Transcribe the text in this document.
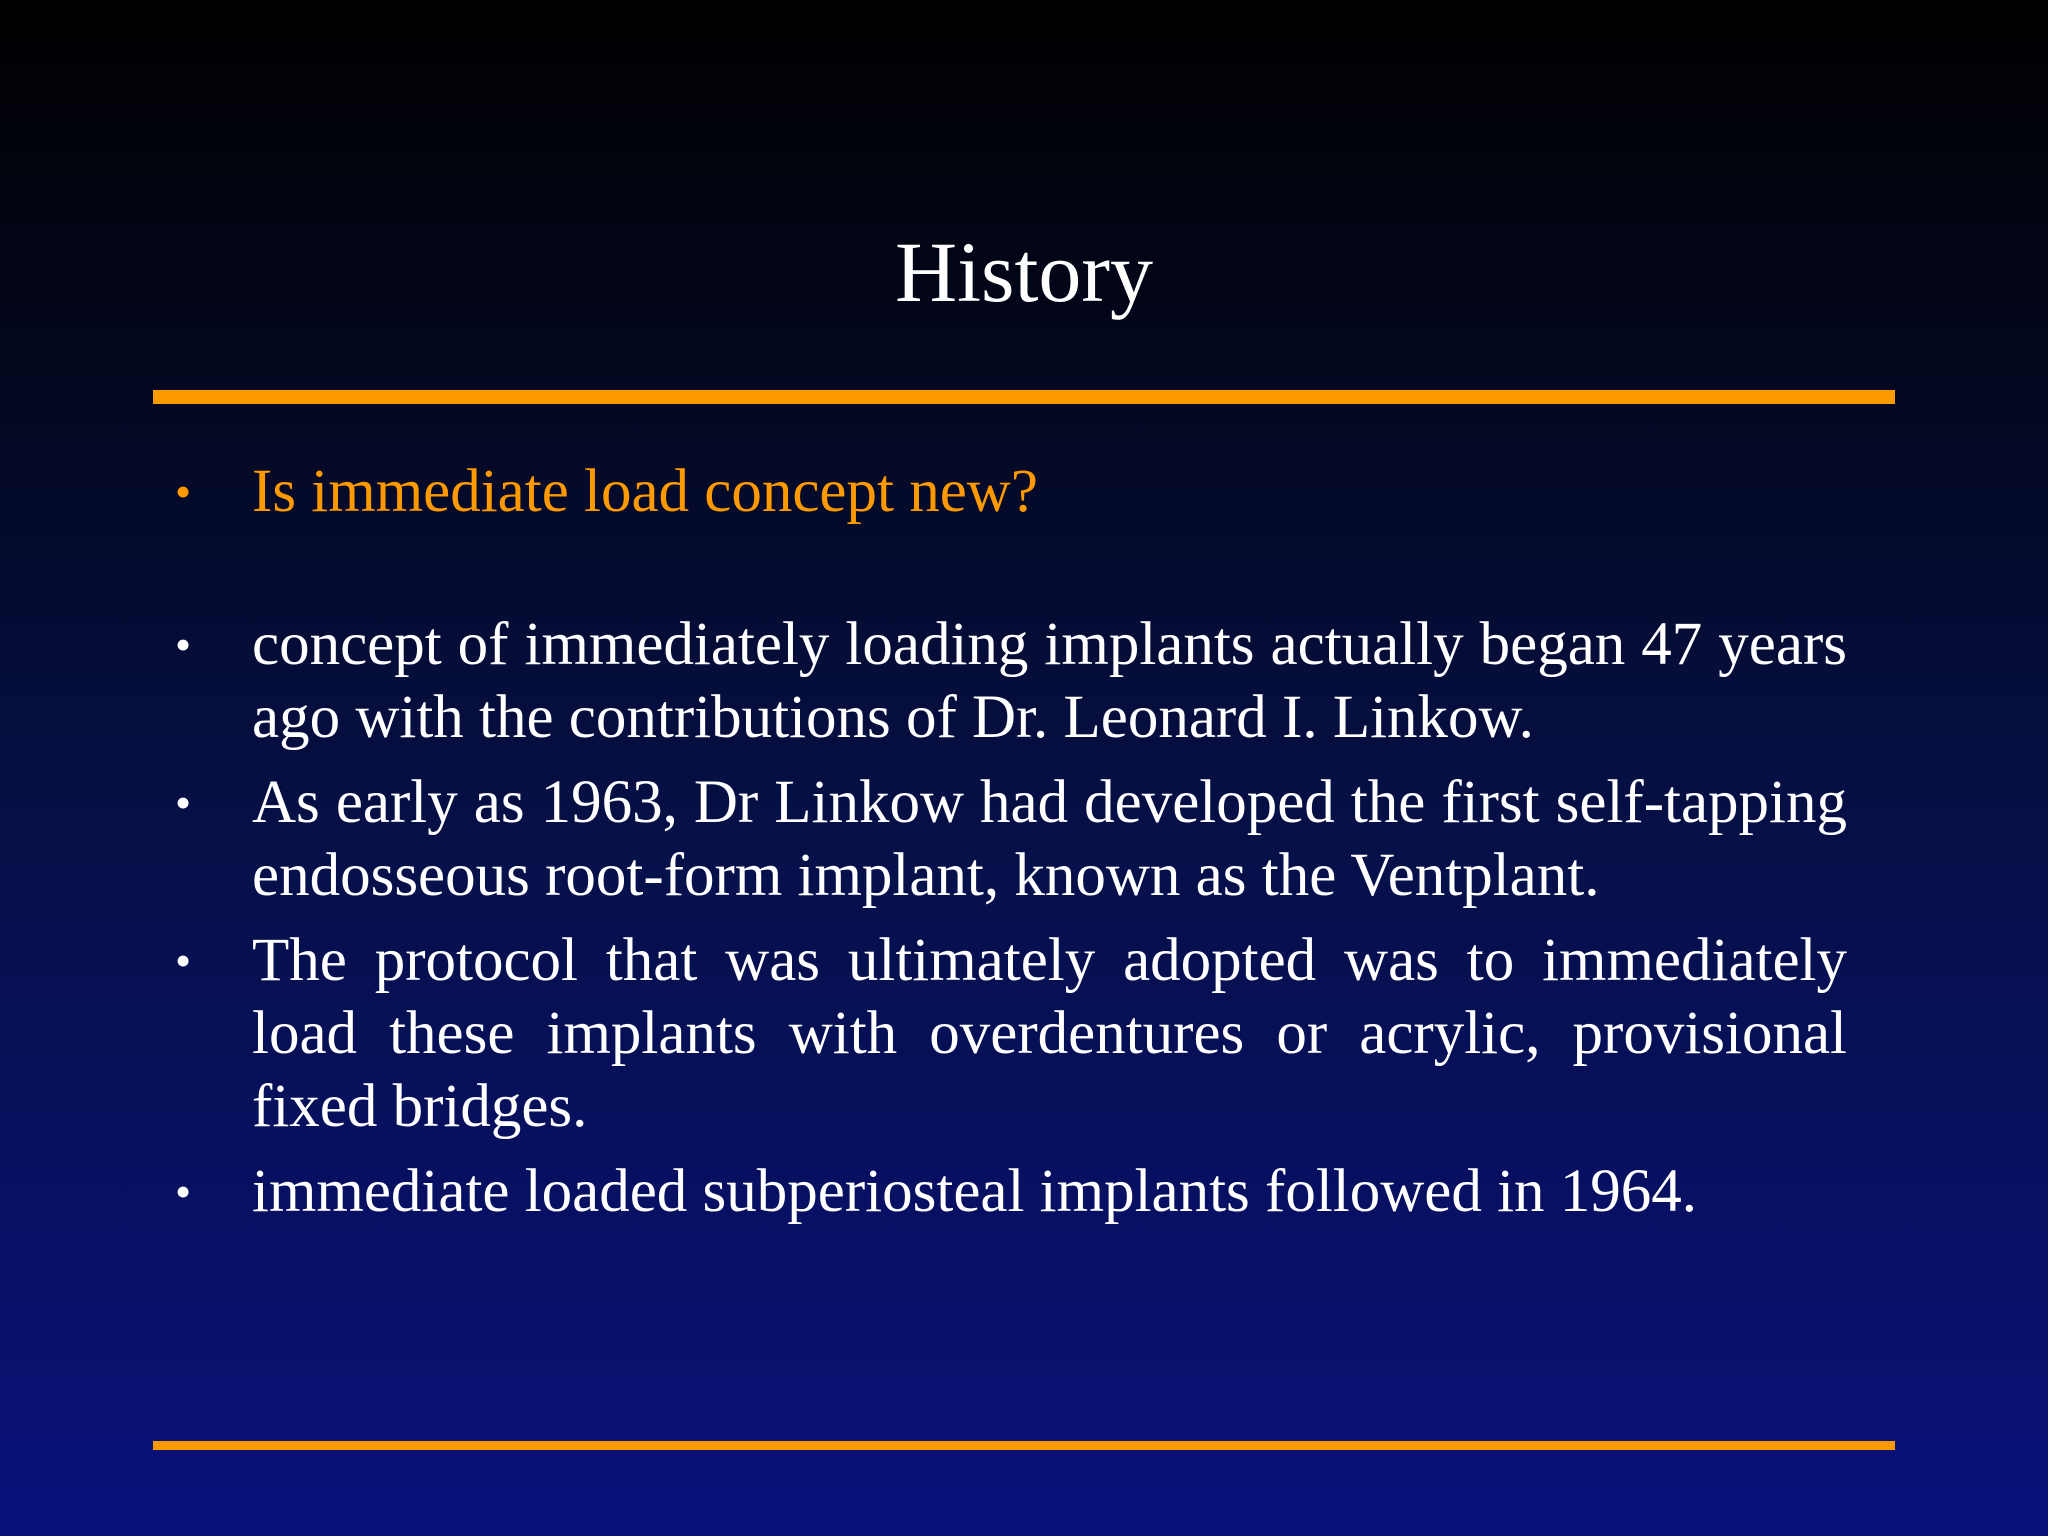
History
• Is immediate load concept new?
• concept of immediately loading implants actually began 47 years ago with the contributions of Dr. Leonard I. Linkow.
• As early as 1963, Dr Linkow had developed the first self-tapping endosseous root-form implant, known as the Ventplant.
• The protocol that was ultimately adopted was to immediately load these implants with overdentures or acrylic, provisional fixed bridges.
• immediate loaded subperiosteal implants followed in 1964.
